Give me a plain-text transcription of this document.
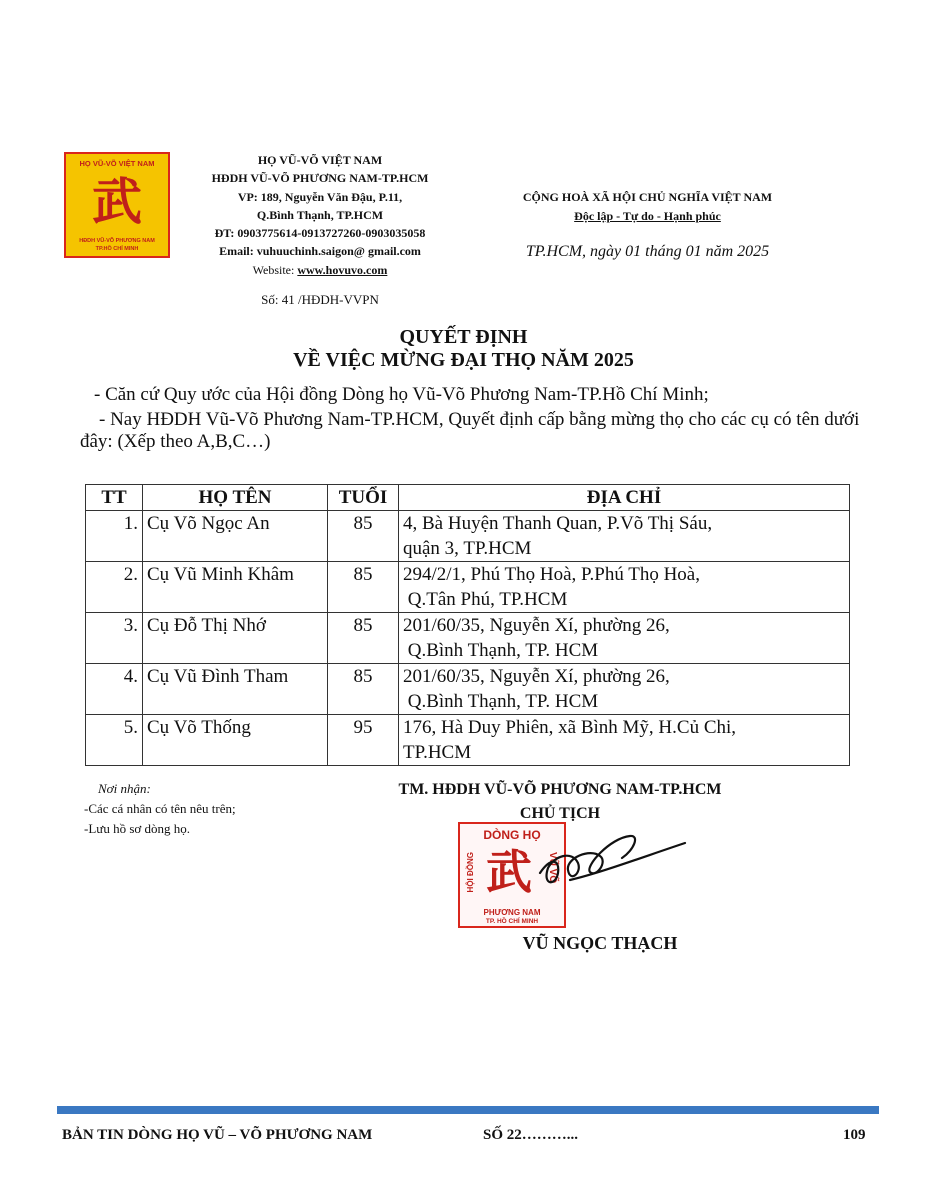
HỌ VŨ-VÕ VIỆT NAM
武
HĐDH VŨ-VÕ PHƯƠNG NAM
TP.HỒ CHÍ MINH
HỌ VŨ-VÕ VIỆT NAM
HĐDH VŨ-VÕ PHƯƠNG NAM-TP.HCM
VP: 189, Nguyễn Văn Đậu, P.11,
Q.Bình Thạnh, TP.HCM
ĐT: 0903775614-0913727260-0903035058
Email: vuhuuchinh.saigon@ gmail.com
Website: www.hovuvo.com
CỘNG HOÀ XÃ HỘI CHỦ NGHĨA VIỆT NAM
Độc lập - Tự do - Hạnh phúc
TP.HCM, ngày 01 tháng 01 năm 2025
Số: 41 /HĐDH-VVPN
QUYẾT ĐỊNH
VỀ VIỆC MỪNG ĐẠI THỌ NĂM 2025
- Căn cứ Quy ước của Hội đồng Dòng họ Vũ-Võ Phương Nam-TP.Hồ Chí Minh;
- Nay HĐDH Vũ-Võ Phương Nam-TP.HCM, Quyết định cấp bằng mừng thọ cho các cụ có tên dưới đây: (Xếp theo A,B,C…)
TT	HỌ TÊN	TUỔI	ĐỊA CHỈ
1.	Cụ Võ Ngọc An	85	4, Bà Huyện Thanh Quan, P.Võ Thị Sáu,
quận 3, TP.HCM

2.	Cụ Vũ Minh Khâm	85	294/2/1, Phú Thọ Hoà, P.Phú Thọ Hoà,
Q.Tân Phú, TP.HCM

3.	Cụ Đỗ Thị Nhớ	85	201/60/35, Nguyễn Xí, phường 26,
Q.Bình Thạnh, TP. HCM

4.	Cụ Vũ Đình Tham	85	201/60/35, Nguyễn Xí, phường 26,
Q.Bình Thạnh, TP. HCM

5.	Cụ Võ Thống	95	176, Hà Duy Phiên, xã Bình Mỹ, H.Củ Chi,
TP.HCM
Nơi nhận:
-Các cá nhân có tên nêu trên;
-Lưu hồ sơ dòng họ.
TM. HĐDH VŨ-VÕ PHƯƠNG NAM-TP.HCM
CHỦ TỊCH
DÒNG HỌ
HỘI ĐỒNG 武 VŨ VÕ
PHƯƠNG NAM
TP. HỒ CHÍ MINH
VŨ NGỌC THẠCH
BẢN TIN DÒNG HỌ VŨ – VÕ PHƯƠNG NAM	SỐ 22………...	109
